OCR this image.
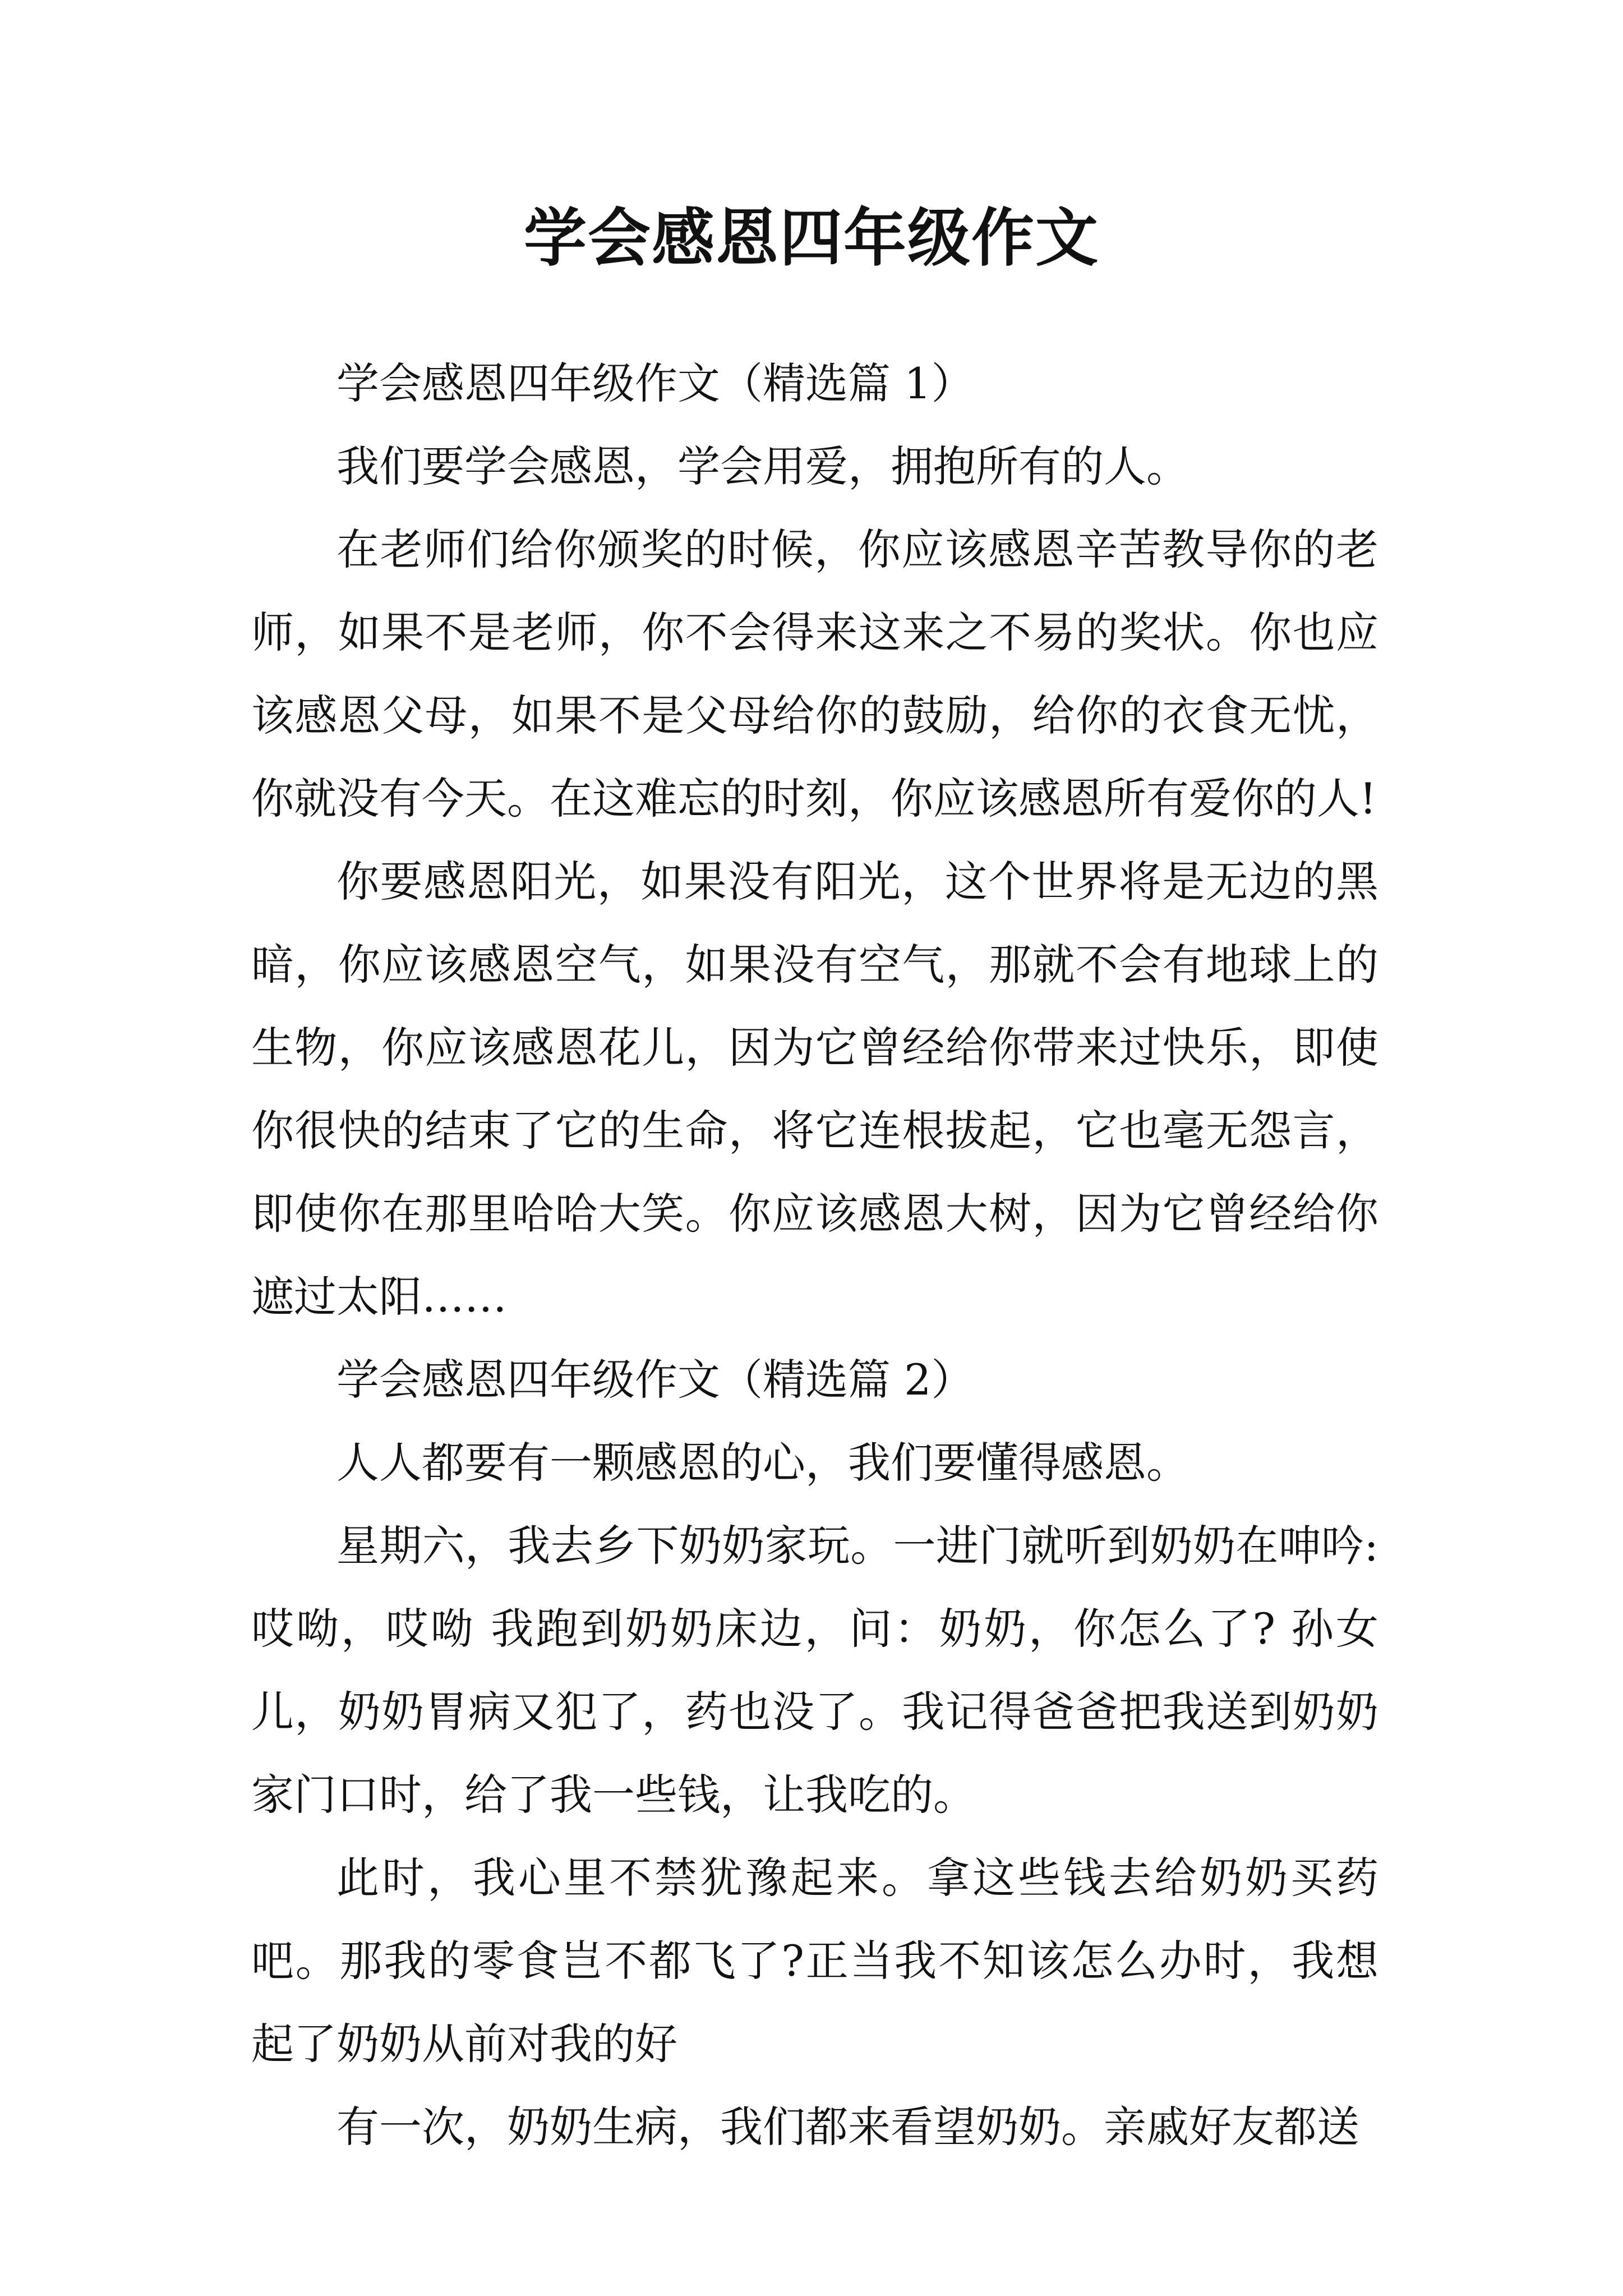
学会感恩四年级作文

学会感恩四年级作文（精选篇 1）

我们要学会感恩，学会用爱，拥抱所有的人。

在老师们给你颁奖的时候，你应该感恩辛苦教导你的老师，如果不是老师，你不会得来这来之不易的奖状。你也应该感恩父母，如果不是父母给你的鼓励，给你的衣食无忧，你就没有今天。在这难忘的时刻，你应该感恩所有爱你的人!

你要感恩阳光，如果没有阳光，这个世界将是无边的黑暗，你应该感恩空气，如果没有空气，那就不会有地球上的生物，你应该感恩花儿，因为它曾经给你带来过快乐，即使你很快的结束了它的生命，将它连根拔起，它也毫无怨言，即使你在那里哈哈大笑。你应该感恩大树，因为它曾经给你遮过太阳……

学会感恩四年级作文（精选篇 2）

人人都要有一颗感恩的心，我们要懂得感恩。

星期六，我去乡下奶奶家玩。一进门就听到奶奶在呻吟: 哎呦，哎呦 我跑到奶奶床边，问：奶奶，你怎么了? 孙女儿，奶奶胃病又犯了，药也没了。我记得爸爸把我送到奶奶家门口时，给了我一些钱，让我吃的。

此时，我心里不禁犹豫起来。拿这些钱去给奶奶买药吧。那我的零食岂不都飞了?正当我不知该怎么办时，我想起了奶奶从前对我的好

有一次，奶奶生病，我们都来看望奶奶。亲戚好友都送
